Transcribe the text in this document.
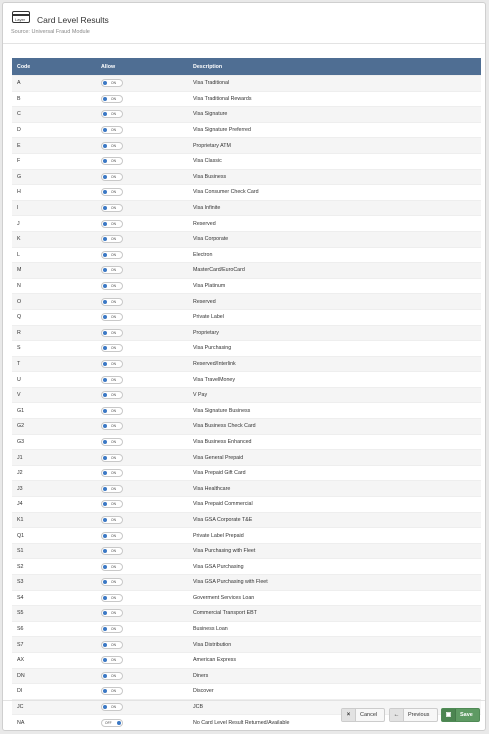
Layer Card Level Results
Source: Universal Fraud Module
Code	Allow	Description
A	ON	Visa Traditional
B	ON	Visa Traditional Rewards
C	ON	Visa Signature
D	ON	Visa Signature Preferred
E	ON	Proprietary ATM
F	ON	Visa Classic
G	ON	Visa Business
H	ON	Visa Consumer Check Card
I	ON	Visa Infinite
J	ON	Reserved
K	ON	Visa Corporate
L	ON	Electron
M	ON	MasterCard/EuroCard
N	ON	Visa Platinum
O	ON	Reserved
Q	ON	Private Label
R	ON	Proprietary
S	ON	Visa Purchasing
T	ON	Reserved/Interlink
U	ON	Visa TravelMoney
V	ON	V Pay
G1	ON	Visa Signature Business
G2	ON	Visa Business Check Card
G3	ON	Visa Business Enhanced
J1	ON	Visa General Prepaid
J2	ON	Visa Prepaid Gift Card
J3	ON	Visa Healthcare
J4	ON	Visa Prepaid Commercial
K1	ON	Visa GSA Corporate T&E
Q1	ON	Private Label Prepaid
S1	ON	Visa Purchasing with Fleet
S2	ON	Visa GSA Purchasing
S3	ON	Visa GSA Purchasing with Fleet
S4	ON	Goverment Services Loan
S5	ON	Commercial Transport EBT
S6	ON	Business Loan
S7	ON	Visa Distribution
AX	ON	American Express
DN	ON	Diners
DI	ON	Discover
JC	ON	JCB
NA	OFF	No Card Level Result Returned/Available
×	Cancel	←	Previous	▣	Save
